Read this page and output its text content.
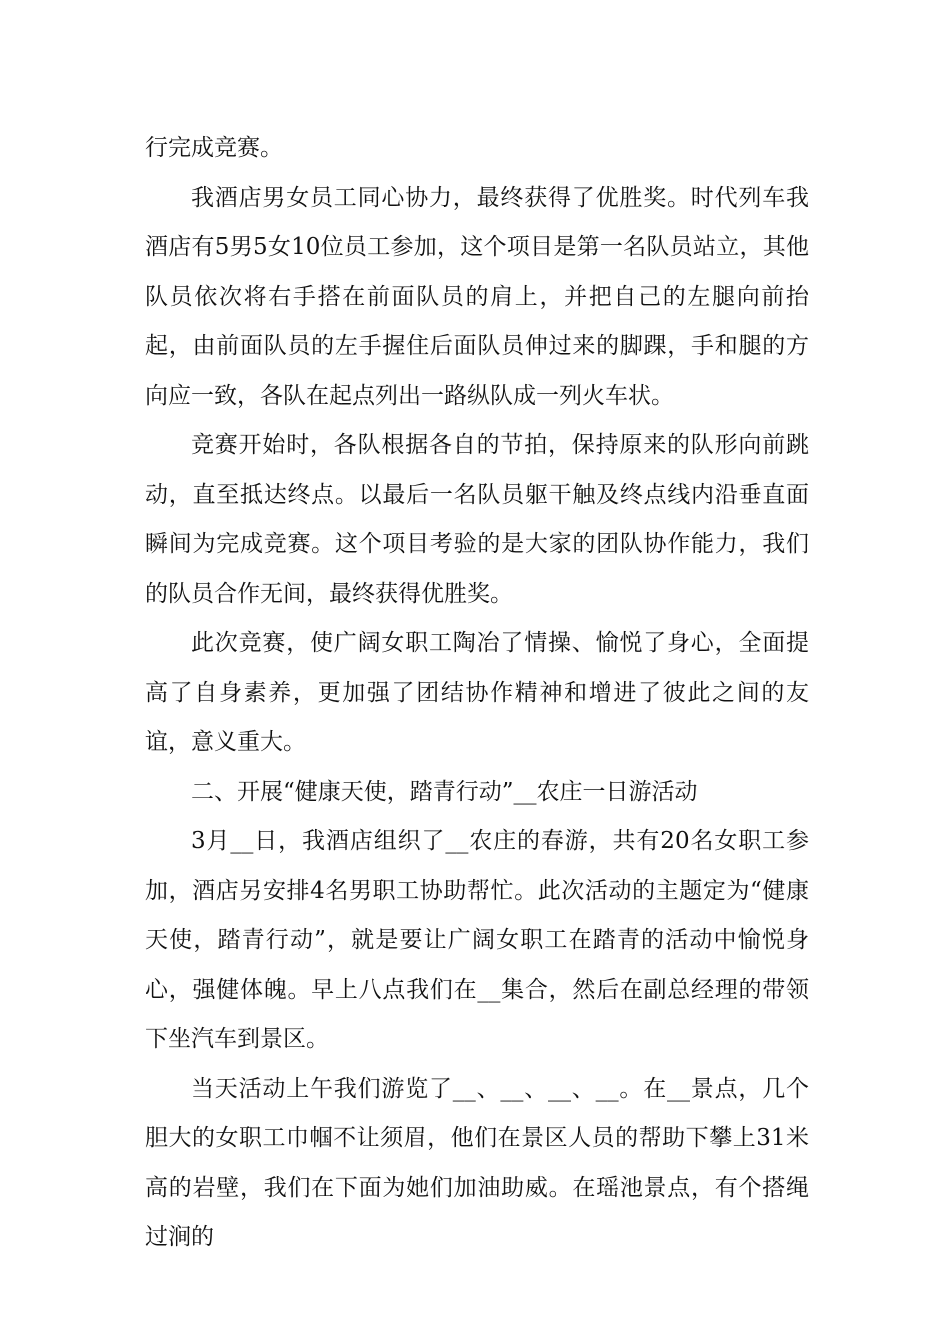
行完成竞赛。

我酒店男女员工同心协力，最终获得了优胜奖。时代列车我酒店有5男5女10位员工参加，这个项目是第一名队员站立，其他队员依次将右手搭在前面队员的肩上，并把自己的左腿向前抬起，由前面队员的左手握住后面队员伸过来的脚踝，手和腿的方向应一致，各队在起点列出一路纵队成一列火车状。

竞赛开始时，各队根据各自的节拍，保持原来的队形向前跳动，直至抵达终点。以最后一名队员躯干触及终点线内沿垂直面瞬间为完成竞赛。这个项目考验的是大家的团队协作能力，我们的队员合作无间，最终获得优胜奖。

此次竞赛，使广阔女职工陶冶了情操、愉悦了身心，全面提高了自身素养，更加强了团结协作精神和增进了彼此之间的友谊，意义重大。

二、开展“健康天使，踏青行动”__农庄一日游活动

3月__日，我酒店组织了__农庄的春游，共有20名女职工参加，酒店另安排4名男职工协助帮忙。此次活动的主题定为“健康天使，踏青行动”，就是要让广阔女职工在踏青的活动中愉悦身心，强健体魄。早上八点我们在__集合，然后在副总经理的带领下坐汽车到景区。

当天活动上午我们游览了__、__、__、__。在__景点，几个胆大的女职工巾帼不让须眉，他们在景区人员的帮助下攀上31米高的岩壁，我们在下面为她们加油助威。在瑶池景点，有个搭绳过涧的
